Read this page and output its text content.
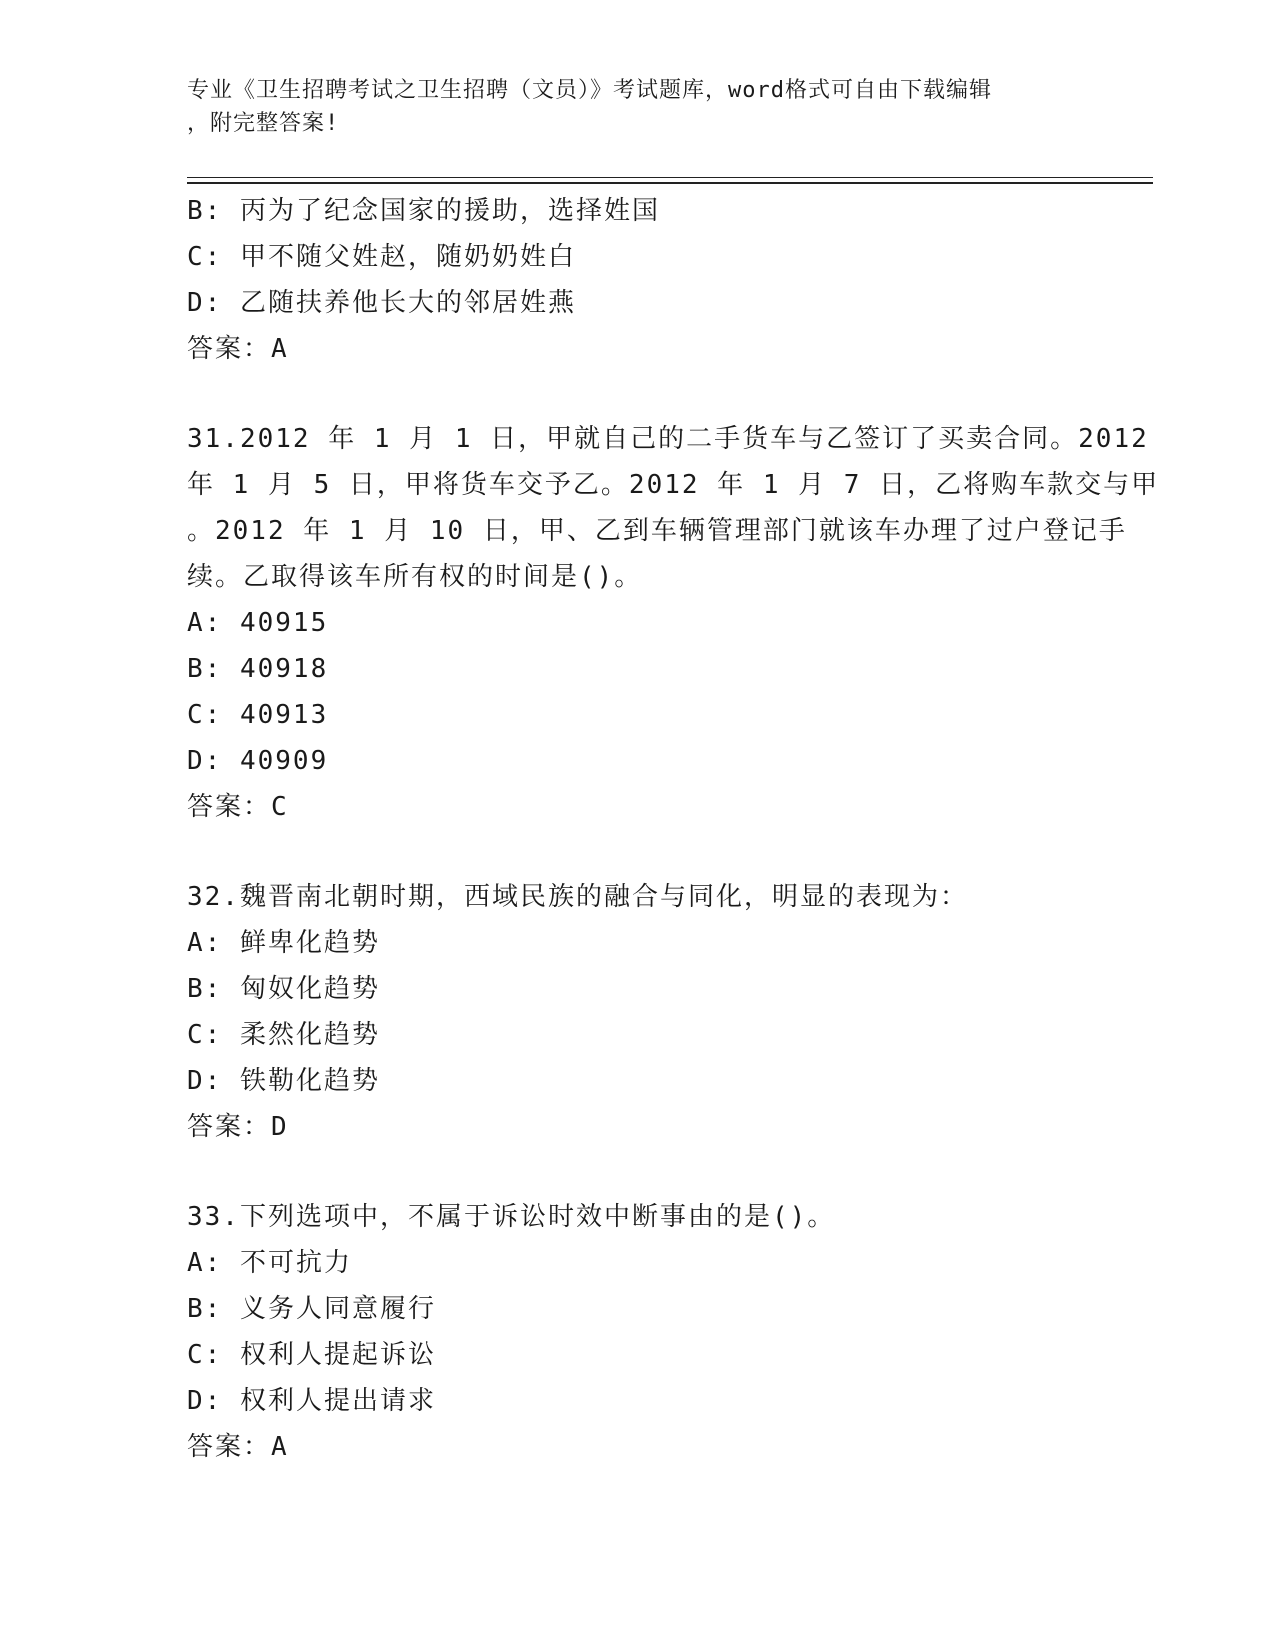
专业《卫生招聘考试之卫生招聘（文员）》考试题库，word格式可自由下载编辑
，附完整答案!
B: 丙为了纪念国家的援助，选择姓国
C: 甲不随父姓赵，随奶奶姓白
D: 乙随扶养他长大的邻居姓燕
答案：A
31.2012 年 1 月 1 日，甲就自己的二手货车与乙签订了买卖合同。2012
年 1 月 5 日，甲将货车交予乙。2012 年 1 月 7 日，乙将购车款交与甲
。2012 年 1 月 10 日，甲、乙到车辆管理部门就该车办理了过户登记手
续。乙取得该车所有权的时间是()。
A: 40915
B: 40918
C: 40913
D: 40909
答案：C
32.魏晋南北朝时期，西域民族的融合与同化，明显的表现为：
A: 鲜卑化趋势
B: 匈奴化趋势
C: 柔然化趋势
D: 铁勒化趋势
答案：D
33.下列选项中，不属于诉讼时效中断事由的是()。
A: 不可抗力
B: 义务人同意履行
C: 权利人提起诉讼
D: 权利人提出请求
答案：A
